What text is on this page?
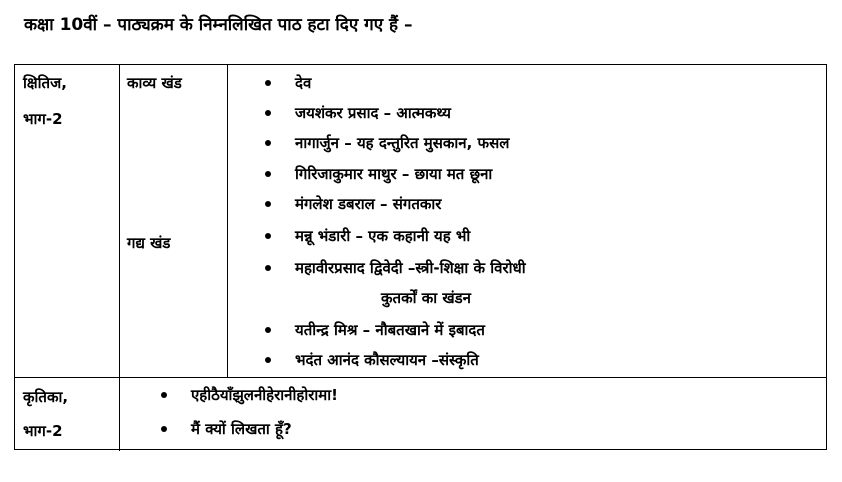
कक्षा 10वीं – पाठ्यक्रम के निम्नलिखित पाठ हटा दिए गए हैं –
क्षितिज,
भाग-2
काव्य खंड
गद्य खंड
देव
जयशंकर प्रसाद – आत्मकथ्य
नागार्जुन – यह दन्तुरित मुसकान, फसल
गिरिजाकुमार माथुर – छाया मत छूना
मंगलेश डबराल – संगतकार
मन्नू भंडारी – एक कहानी यह भी
महावीरप्रसाद द्विवेदी –स्त्री-शिक्षा के विरोधी
कुतर्कों का खंडन
यतीन्द्र मिश्र – नौबतखाने में इबादत
भदंत आनंद कौसल्यायन –संस्कृति
कृतिका,
भाग-2
एहीठैयाँझुलनीहेरानीहोरामा!
मैं क्यों लिखता हूँ?
